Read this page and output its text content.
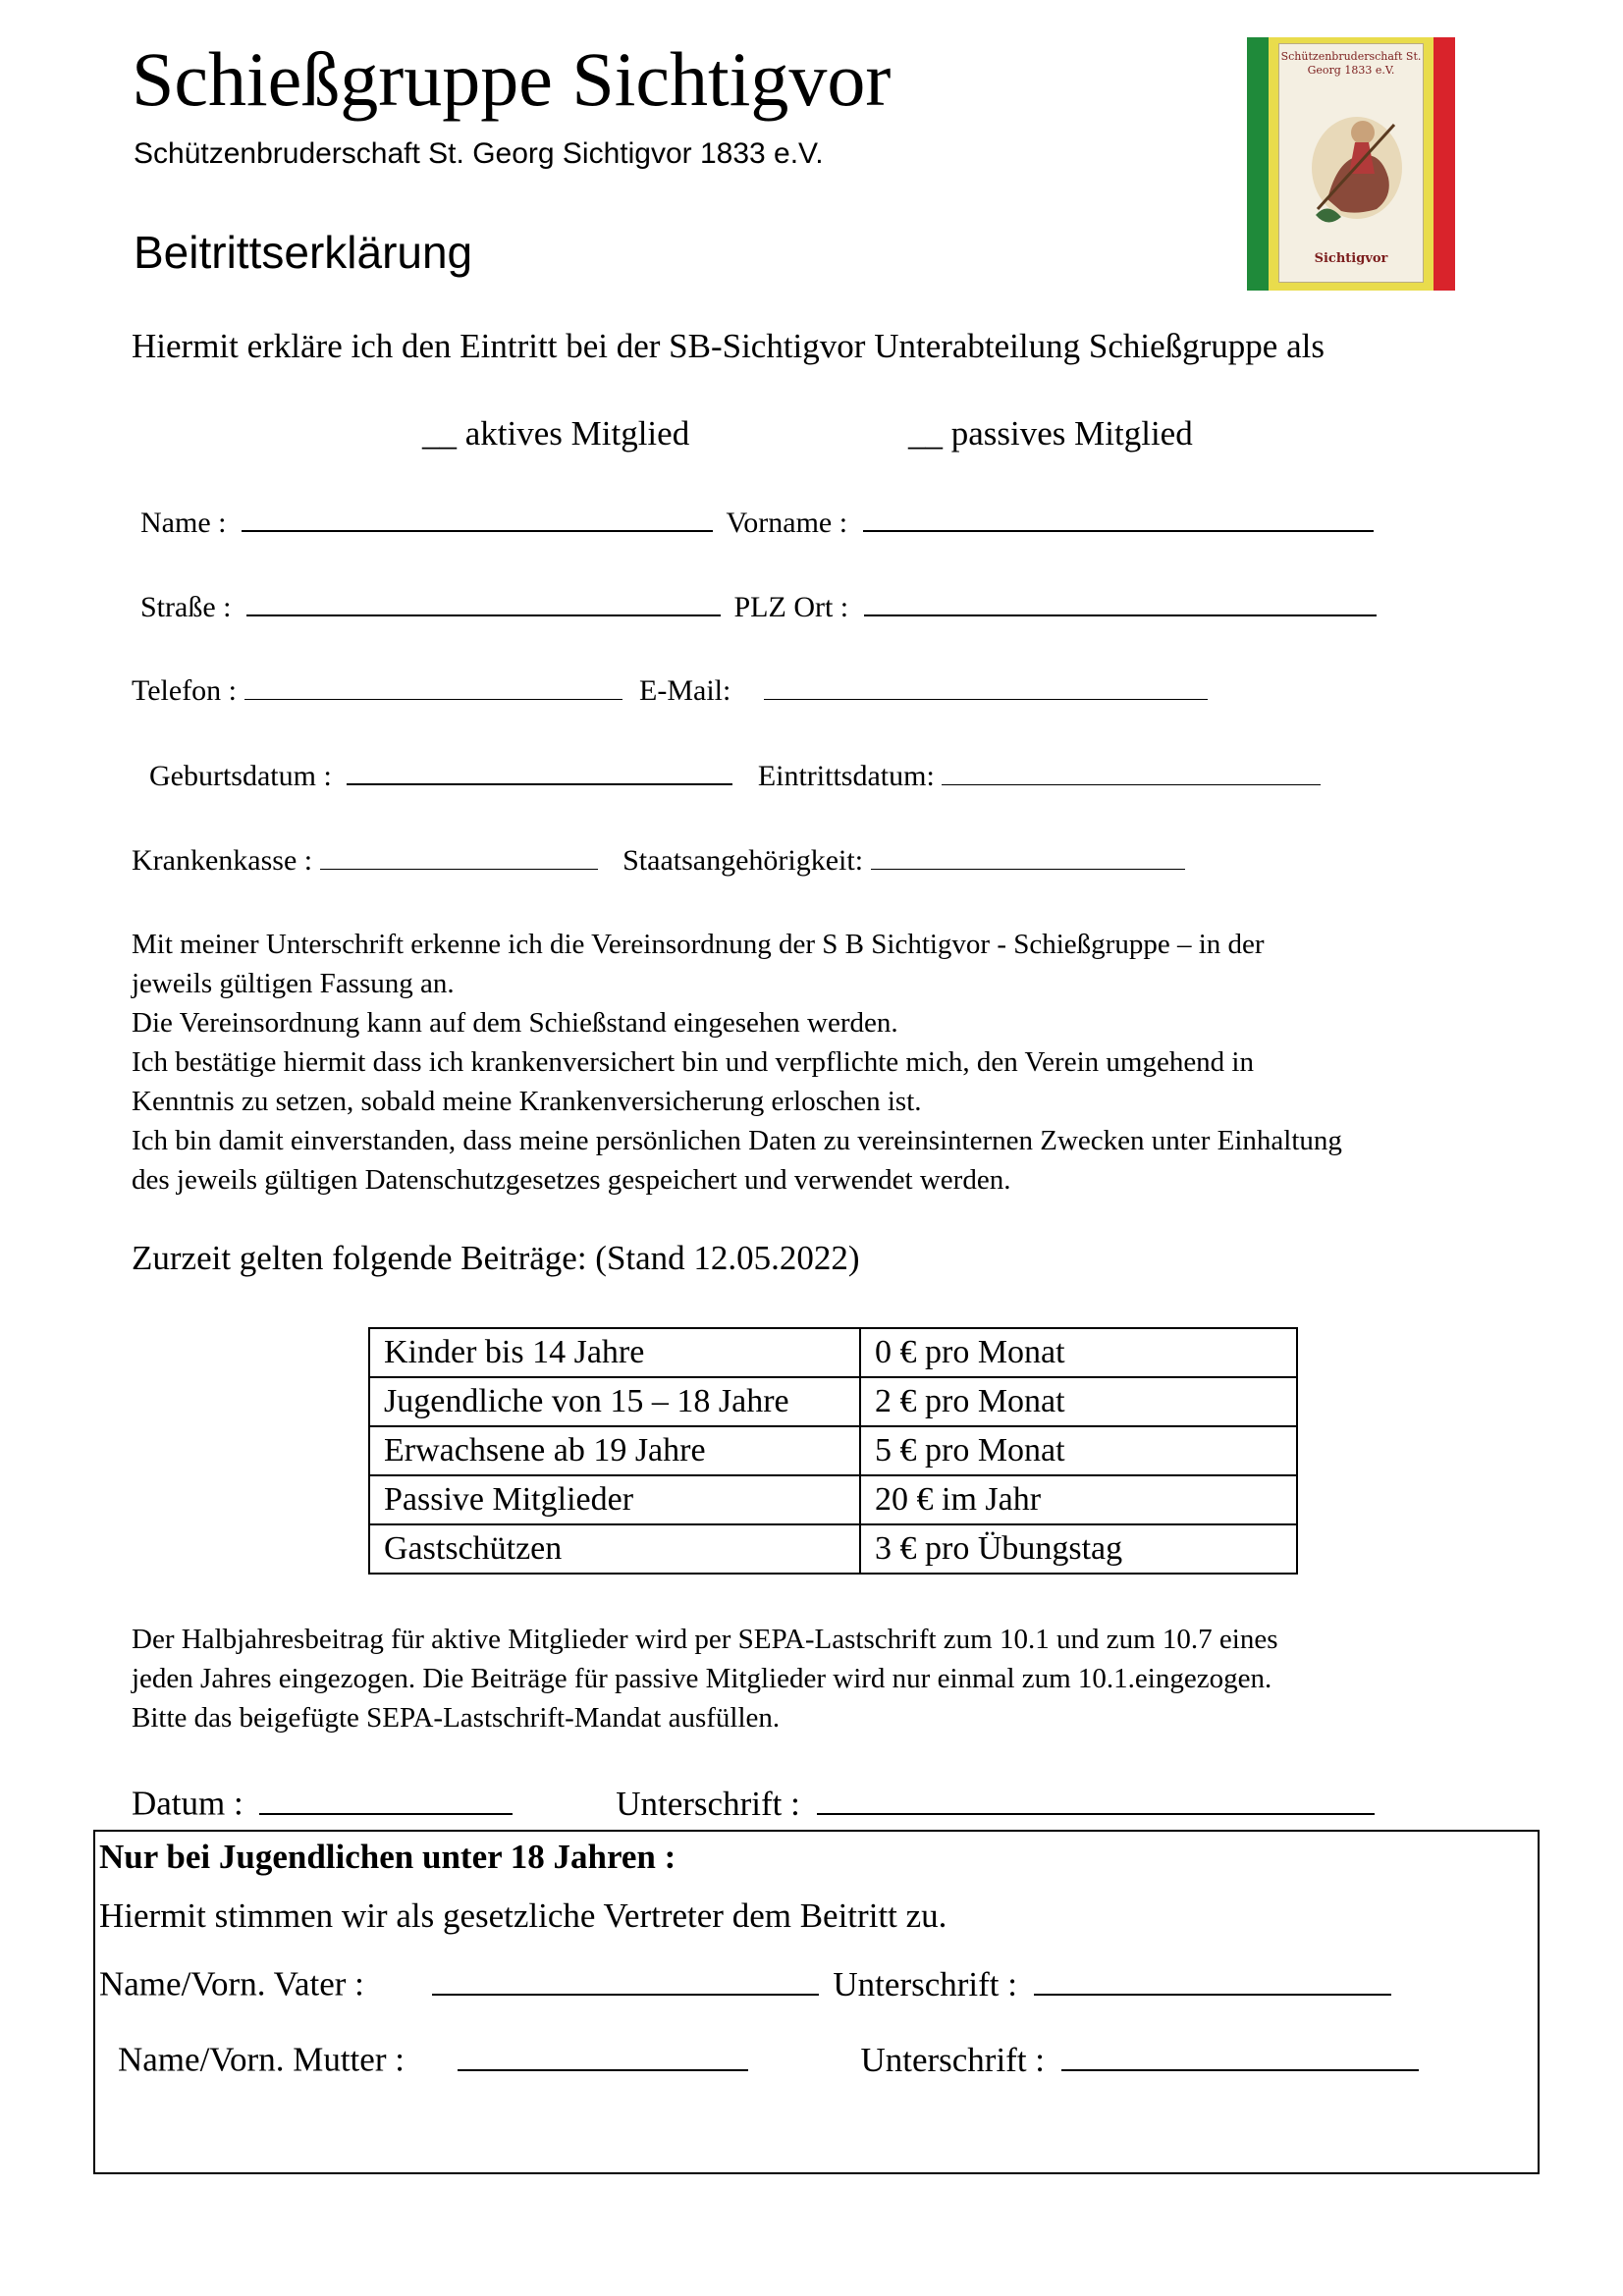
Schießgruppe Sichtigvor
Schützenbruderschaft St. Georg Sichtigvor 1833 e.V.
Beitrittserklärung
Schützenbruderschaft St. Georg 1833 e.V.
Sichtigvor
Hiermit erkläre ich den Eintritt bei der SB-Sichtigvor Unterabteilung Schießgruppe als
__ aktives Mitglied	__ passives Mitglied
Name :	Vorname :
Straße :	PLZ Ort :
Telefon :	E-Mail:
Geburtsdatum :	Eintrittsdatum:
Krankenkasse :	Staatsangehörigkeit:
Mit meiner Unterschrift erkenne ich die Vereinsordnung der S B Sichtigvor - Schießgruppe – in der
jeweils gültigen Fassung an.
Die Vereinsordnung kann auf dem Schießstand eingesehen werden.
Ich bestätige hiermit dass ich krankenversichert bin und verpflichte mich, den Verein umgehend in
Kenntnis zu setzen, sobald meine Krankenversicherung erloschen ist.
Ich bin damit einverstanden, dass meine persönlichen Daten zu vereinsinternen Zwecken unter Einhaltung
des jeweils gültigen Datenschutzgesetzes gespeichert und verwendet werden.
Zurzeit gelten folgende Beiträge: (Stand 12.05.2022)
Kinder bis 14 Jahre	0 € pro Monat
Jugendliche von 15 – 18 Jahre	2 € pro Monat
Erwachsene ab 19 Jahre	5 € pro Monat
Passive Mitglieder	20 € im Jahr
Gastschützen	3 € pro Übungstag
Der Halbjahresbeitrag für aktive Mitglieder wird per SEPA-Lastschrift zum 10.1 und zum 10.7 eines
jeden Jahres eingezogen. Die Beiträge für passive Mitglieder wird nur einmal zum 10.1.eingezogen.
Bitte das beigefügte SEPA-Lastschrift-Mandat ausfüllen.
Datum :	Unterschrift :
Nur bei Jugendlichen unter 18 Jahren :
Hiermit stimmen wir als gesetzliche Vertreter dem Beitritt zu.
Name/Vorn. Vater :	Unterschrift :
Name/Vorn. Mutter :	Unterschrift :
